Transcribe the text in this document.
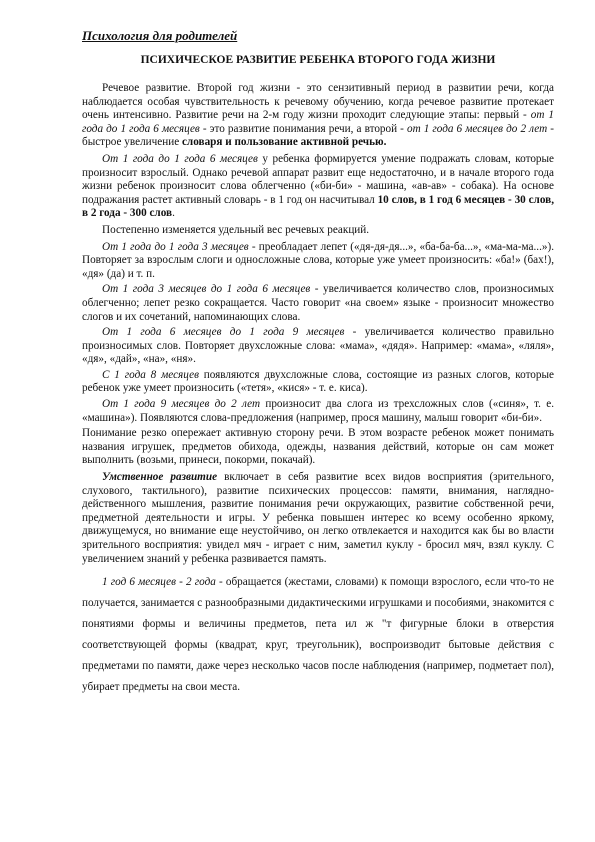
Психология для родителей
ПСИХИЧЕСКОЕ РАЗВИТИЕ РЕБЕНКА ВТОРОГО ГОДА ЖИЗНИ

Речевое развитие. Второй год жизни - это сензитивный период в развитии речи, когда наблюдается особая чувствительность к речевому обучению, когда речевое развитие протекает очень интенсивно. Развитие речи на 2-м году жизни проходит следующие этапы: первый - от 1 года до 1 года 6 месяцев - это развитие понимания речи, а второй - от 1 года 6 месяцев до 2 лет - быстрое увеличение словаря и пользование активной речью.

От 1 года до 1 года 6 месяцев у ребенка формируется умение подражать словам, которые произносит взрослый. Однако речевой аппарат развит еще недостаточно, и в начале второго года жизни ребенок произносит слова облегченно («би-би» - машина, «ав-ав» - собака). На основе подражания растет активный словарь - в 1 год он насчитывал 10 слов, в 1 год 6 месяцев - 30 слов, в 2 года - 300 слов.

Постепенно изменяется удельный вес речевых реакций.

От 1 года до 1 года 3 месяцев - преобладает лепет («дя-дя-дя...», «ба-ба-ба...», «ма-ма-ма...»). Повторяет за взрослым слоги и односложные слова, которые уже умеет произносить: «ба!» (бах!), «дя» (да) и т. п.

От 1 года 3 месяцев до 1 года 6 месяцев - увеличивается количество слов, произносимых облегченно; лепет резко сокращается. Часто говорит «на своем» языке - произносит множество слогов и их сочетаний, напоминающих слова.

От 1 года 6 месяцев до 1 года 9 месяцев - увеличивается количество правильно произносимых слов. Повторяет двухсложные слова: «мама», «дядя». Например: «мама», «ляля», «дя», «дай», «на», «ня».

С 1 года 8 месяцев появляются двухсложные слова, состоящие из разных слогов, которые ребенок уже умеет произносить («тетя», «кися» - т. е. киса).

От 1 года 9 месяцев до 2 лет произносит два слога из трехсложных слов («синя», т. е. «машина»). Появляются слова-предложения (например, прося машину, малыш говорит «би-би».

Понимание резко опережает активную сторону речи. В этом возрасте ребенок может понимать названия игрушек, предметов обихода, одежды, названия действий, которые он сам может выполнить (возьми, принеси, покорми, покачай).

Умственное развитие включает в себя развитие всех видов восприятия (зрительного, слухового, тактильного), развитие психических процессов: памяти, внимания, наглядно-действенного мышления, развитие понимания речи окружающих, развитие собственной речи, предметной деятельности и игры. У ребенка повышен интерес ко всему особенно яркому, движущемуся, но внимание еще неустойчиво, он легко отвлекается и находится как бы во власти зрительного восприятия: увидел мяч - играет с ним, заметил куклу - бросил мяч, взял куклу. С увеличением знаний у ребенка развивается память.

1 год 6 месяцев - 2 года - обращается (жестами, словами) к помощи взрослого, если что-то не получается, занимается с разнообразными дидактическими игрушками и пособиями, знакомится с понятиями формы и величины предметов, пета ил ж "т фигурные блоки в отверстия соответствующей формы (квадрат, круг, треугольник), воспроизводит бытовые действия с предметами по памяти, даже через несколько часов после наблюдения (например, подметает пол), убирает предметы на свои места.
